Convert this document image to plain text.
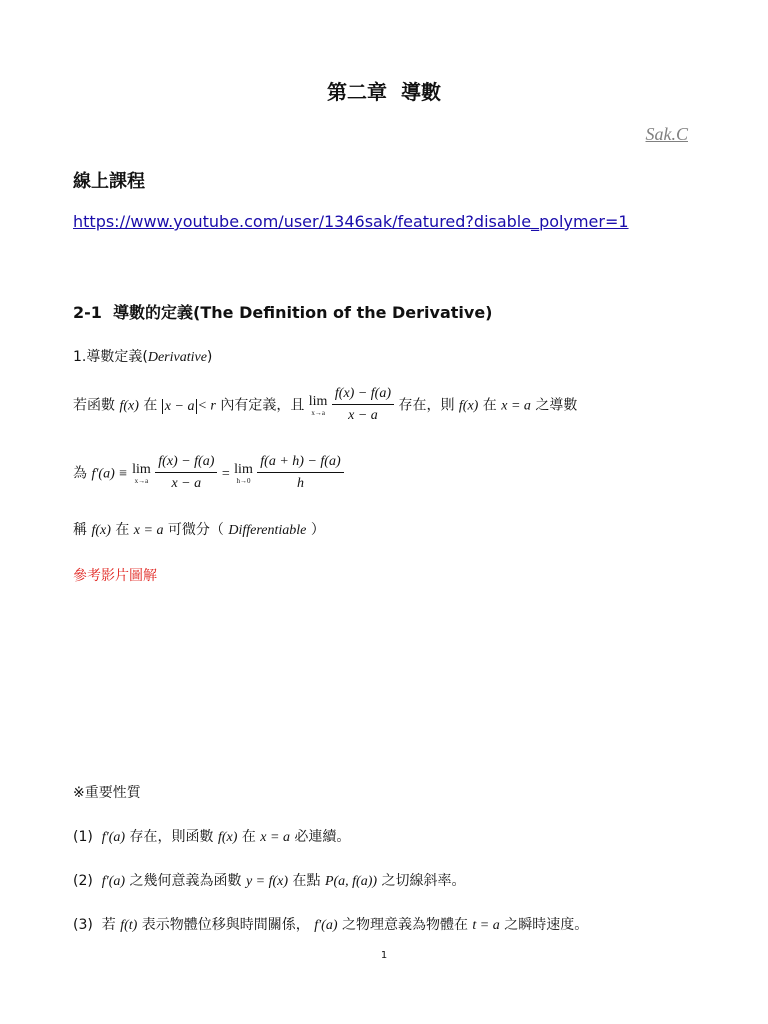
第二章  導數
Sak.C
線上課程
https://www.youtube.com/user/1346sak/featured?disable_polymer=1
2-1  導數的定義(The Definition of the Derivative)
1.導數定義(Derivative)
若函數 f(x) 在 x − a < r 內有定義，且 lim
x→a
$\frac{f(x) - f(a)}{x - a}$ 存在，則 f(x) 在 x = a 之導數
為 f′(a) ≡ lim
x→a
$\frac{f(x) - f(a)}{x - a} = \lim$
h→0
$\frac{f(a + h) - f(a)}{h}$
稱 f(x) 在 x = a 可微分（ Differentiable ）
參考影片圖解
※重要性質
(1) f′(a) 存在，則函數 f(x) 在 x = a 必連續。
(2) f′(a) 之幾何意義為函數 y = f(x) 在點 P(a, f(a)) 之切線斜率。
(3) 若 f(t) 表示物體位移與時間關係， f′(a) 之物理意義為物體在 t = a 之瞬時速度。
1
